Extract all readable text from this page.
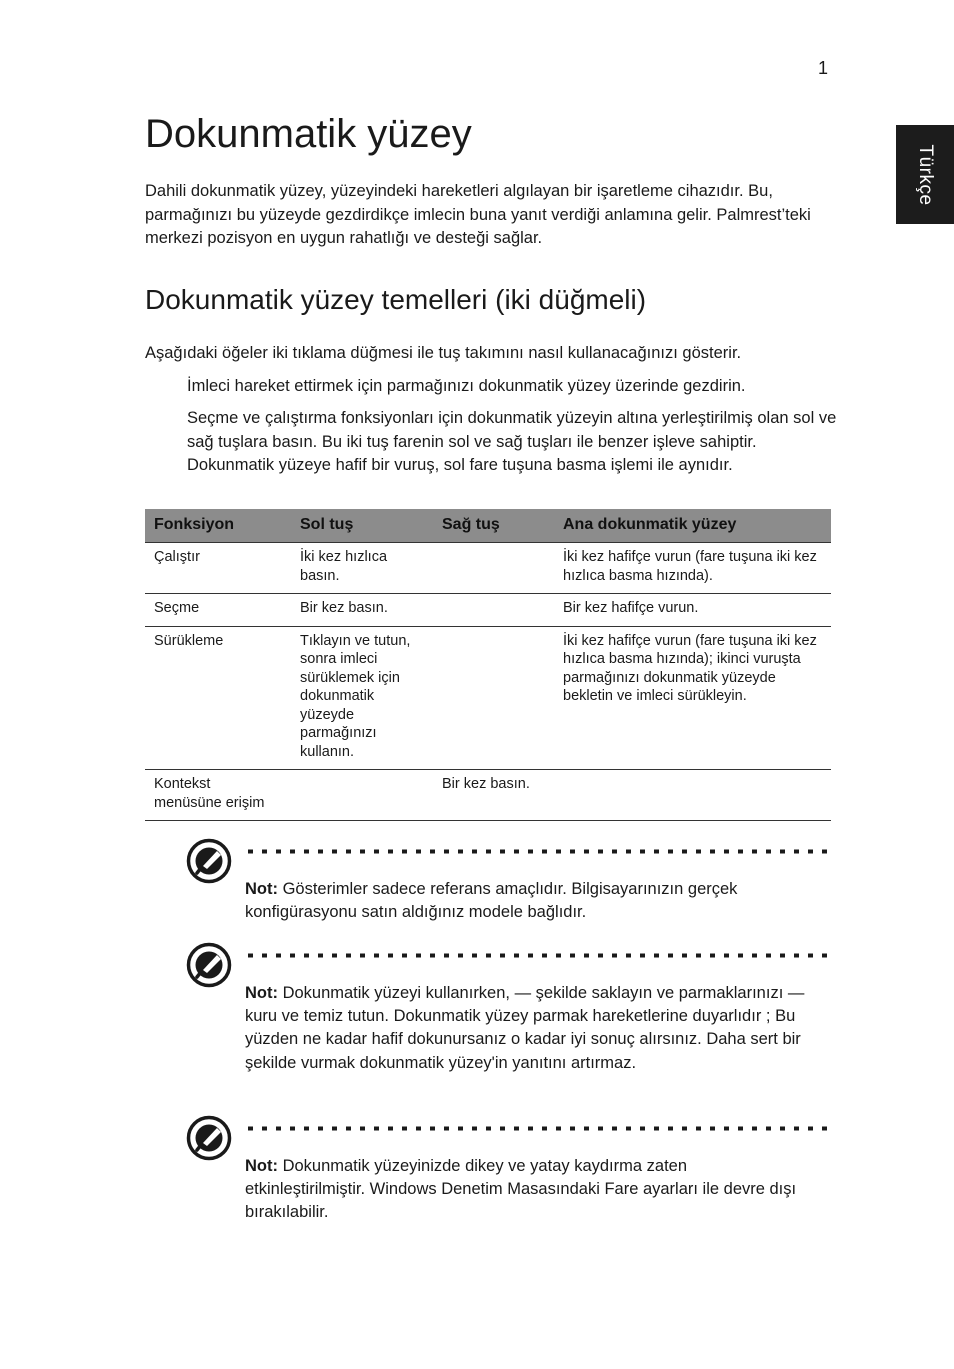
1
Türkçe
Dokunmatik yüzey

Dahili dokunmatik yüzey, yüzeyindeki hareketleri algılayan bir işaretleme cihazıdır. Bu, parmağınızı bu yüzeyde gezdirdikçe imlecin buna yanıt verdiği anlamına gelir. Palmrest’teki merkezi pozisyon en uygun rahatlığı ve desteği sağlar.

Dokunmatik yüzey temelleri (iki düğmeli)

Aşağıdaki öğeler iki tıklama düğmesi ile tuş takımını nasıl kullanacağınızı gösterir.

İmleci hareket ettirmek için parmağınızı dokunmatik yüzey üzerinde gezdirin.

Seçme ve çalıştırma fonksiyonları için dokunmatik yüzeyin altına yerleştirilmiş olan sol ve sağ tuşlara basın. Bu iki tuş farenin sol ve sağ tuşları ile benzer işleve sahiptir. Dokunmatik yüzeye hafif bir vuruş, sol fare tuşuna basma işlemi ile aynıdır.

Fonksiyon	Sol tuş	Sağ tuş	Ana dokunmatik yüzey
Çalıştır	İki kez hızlıca basın.		İki kez hafifçe vurun (fare tuşuna iki kez hızlıca basma hızında).
Seçme	Bir kez basın.		Bir kez hafifçe vurun.
Sürükleme	Tıklayın ve tutun, sonra imleci sürüklemek için dokunmatik yüzeyde parmağınızı kullanın.		İki kez hafifçe vurun (fare tuşuna iki kez hızlıca basma hızında); ikinci vuruşta parmağınızı dokunmatik yüzeyde bekletin ve imleci sürükleyin.
Kontekst menüsüne erişim		Bir kez basın.	

Not: Gösterimler sadece referans amaçlıdır. Bilgisayarınızın gerçek konfigürasyonu satın aldığınız modele bağlıdır.

Not: Dokunmatik yüzeyi kullanırken, — şekilde saklayın ve parmaklarınızı — kuru ve temiz tutun. Dokunmatik yüzey parmak hareketlerine duyarlıdır ; Bu yüzden ne kadar hafif dokunursanız o kadar iyi sonuç alırsınız. Daha sert bir şekilde vurmak dokunmatik yüzey'in yanıtını artırmaz.

Not: Dokunmatik yüzeyinizde dikey ve yatay kaydırma zaten etkinleştirilmiştir. Windows Denetim Masasındaki Fare ayarları ile devre dışı bırakılabilir.
